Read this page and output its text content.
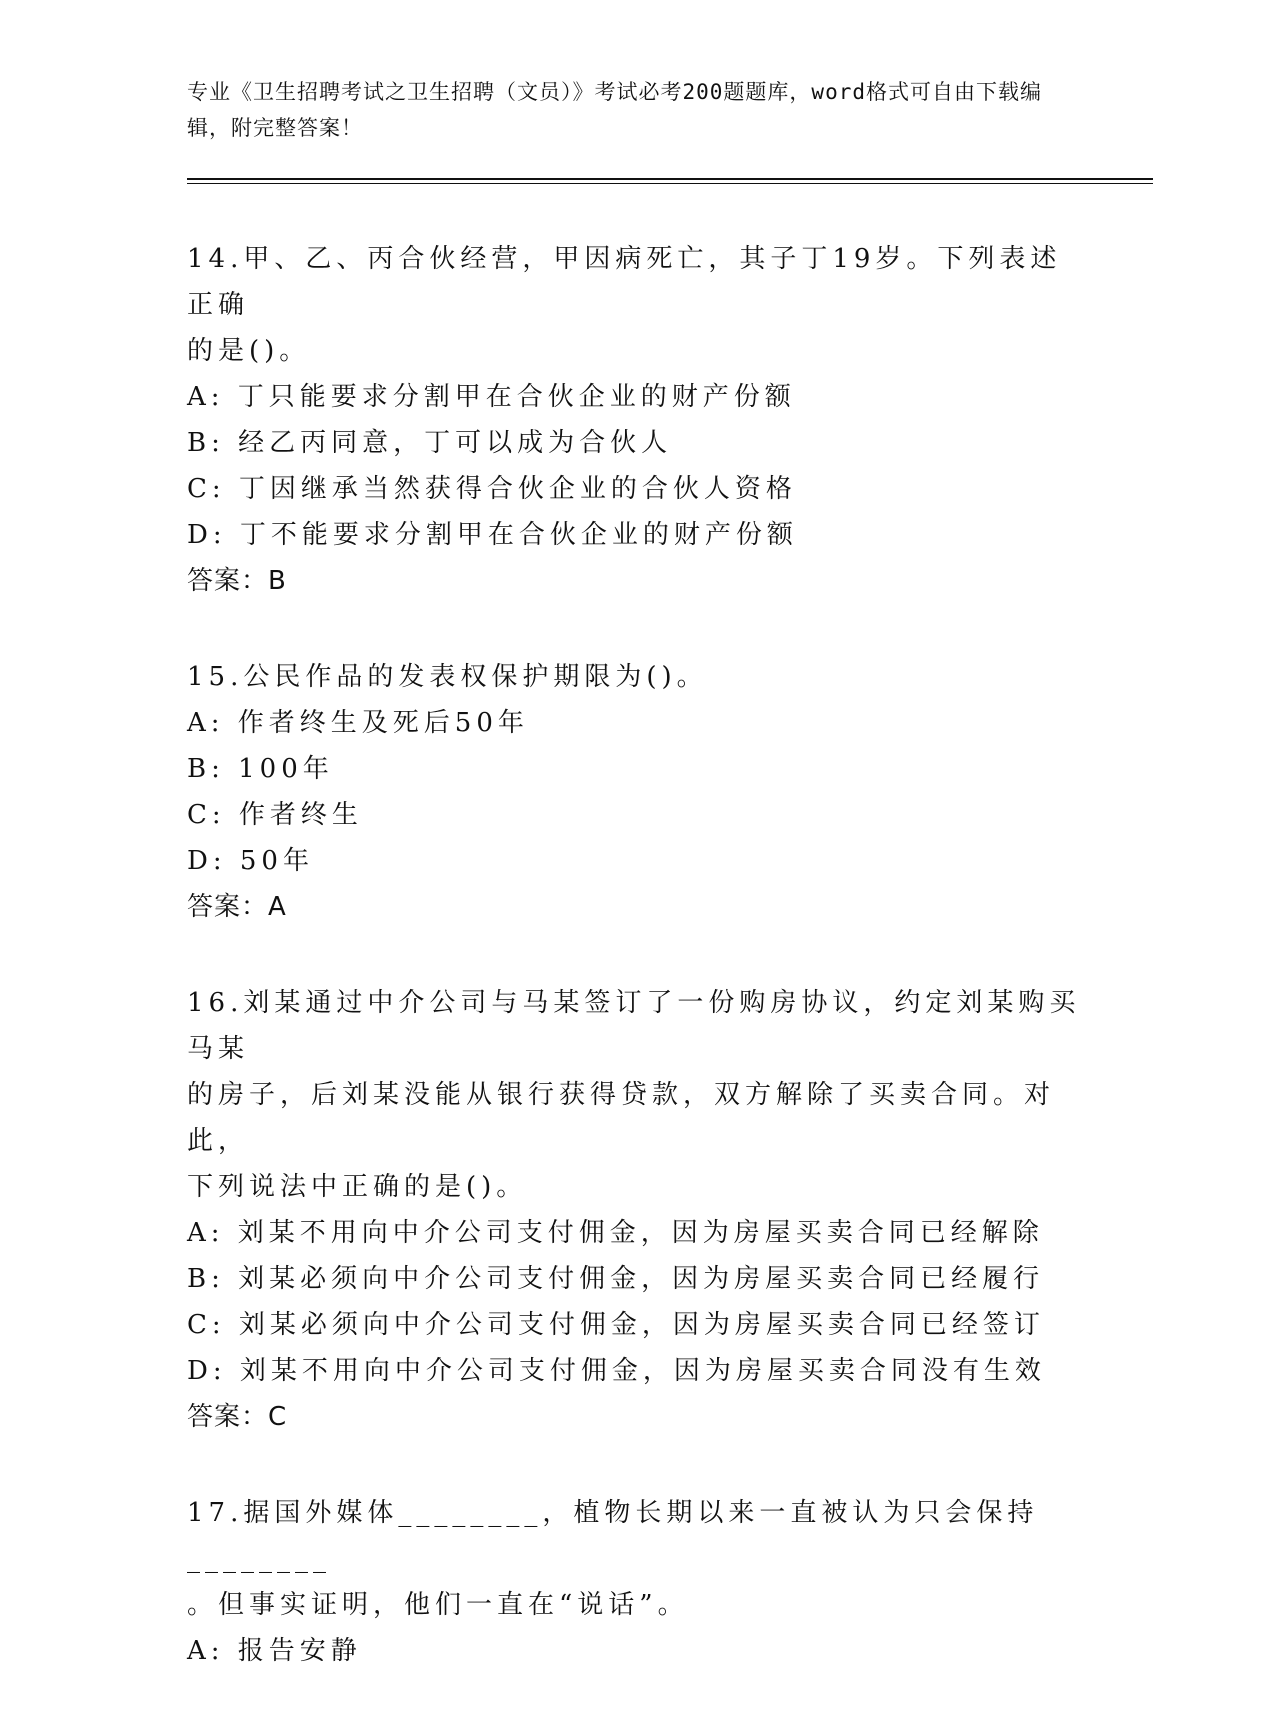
专业《卫生招聘考试之卫生招聘（文员）》考试必考200题题库，word格式可自由下载编辑，附完整答案！

14.甲、乙、丙合伙经营，甲因病死亡，其子丁19岁。下列表述正确

的是()。

A: 丁只能要求分割甲在合伙企业的财产份额

B: 经乙丙同意，丁可以成为合伙人

C: 丁因继承当然获得合伙企业的合伙人资格

D: 丁不能要求分割甲在合伙企业的财产份额

答案：B

15.公民作品的发表权保护期限为()。

A: 作者终生及死后50年

B: 100年

C: 作者终生

D: 50年

答案：A

16.刘某通过中介公司与马某签订了一份购房协议，约定刘某购买马某

的房子，后刘某没能从银行获得贷款，双方解除了买卖合同。对此，

下列说法中正确的是()。

A: 刘某不用向中介公司支付佣金，因为房屋买卖合同已经解除

B: 刘某必须向中介公司支付佣金，因为房屋买卖合同已经履行

C: 刘某必须向中介公司支付佣金，因为房屋买卖合同已经签订

D: 刘某不用向中介公司支付佣金，因为房屋买卖合同没有生效

答案：C

17.据国外媒体________，植物长期以来一直被认为只会保持________

。但事实证明，他们一直在“说话”。

A: 报告安静
